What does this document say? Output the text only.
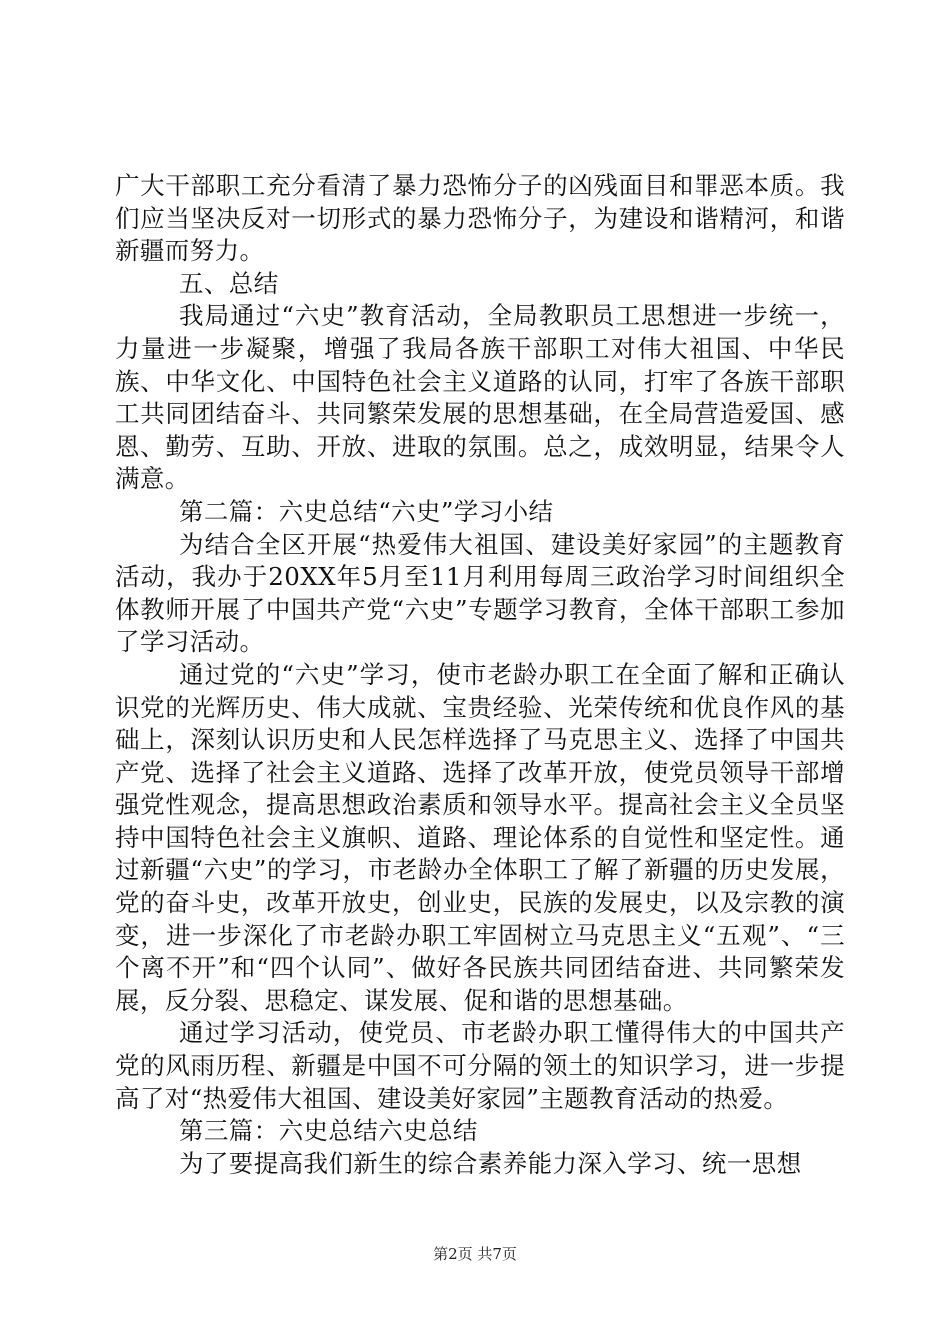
广大干部职工充分看清了暴力恐怖分子的凶残面目和罪恶本质。我们应当坚决反对一切形式的暴力恐怖分子，为建设和谐精河，和谐新疆而努力。

五、总结

我局通过“六史”教育活动，全局教职员工思想进一步统一，力量进一步凝聚，增强了我局各族干部职工对伟大祖国、中华民族、中华文化、中国特色社会主义道路的认同，打牢了各族干部职工共同团结奋斗、共同繁荣发展的思想基础，在全局营造爱国、感恩、勤劳、互助、开放、进取的氛围。总之，成效明显，结果令人满意。

第二篇：六史总结“六史”学习小结

为结合全区开展“热爱伟大祖国、建设美好家园”的主题教育活动，我办于20XX年5月至11月利用每周三政治学习时间组织全体教师开展了中国共产党“六史”专题学习教育，全体干部职工参加了学习活动。

通过党的“六史”学习，使市老龄办职工在全面了解和正确认识党的光辉历史、伟大成就、宝贵经验、光荣传统和优良作风的基础上，深刻认识历史和人民怎样选择了马克思主义、选择了中国共产党、选择了社会主义道路、选择了改革开放，使党员领导干部增强党性观念，提高思想政治素质和领导水平。提高社会主义全员坚持中国特色社会主义旗帜、道路、理论体系的自觉性和坚定性。通过新疆“六史”的学习，市老龄办全体职工了解了新疆的历史发展，党的奋斗史，改革开放史，创业史，民族的发展史，以及宗教的演变，进一步深化了市老龄办职工牢固树立马克思主义“五观”、“三个离不开”和“四个认同”、做好各民族共同团结奋进、共同繁荣发展，反分裂、思稳定、谋发展、促和谐的思想基础。

通过学习活动，使党员、市老龄办职工懂得伟大的中国共产党的风雨历程、新疆是中国不可分隔的领土的知识学习，进一步提高了对“热爱伟大祖国、建设美好家园”主题教育活动的热爱。

第三篇：六史总结六史总结

为了要提高我们新生的综合素养能力深入学习、统一思想

第2页 共7页
